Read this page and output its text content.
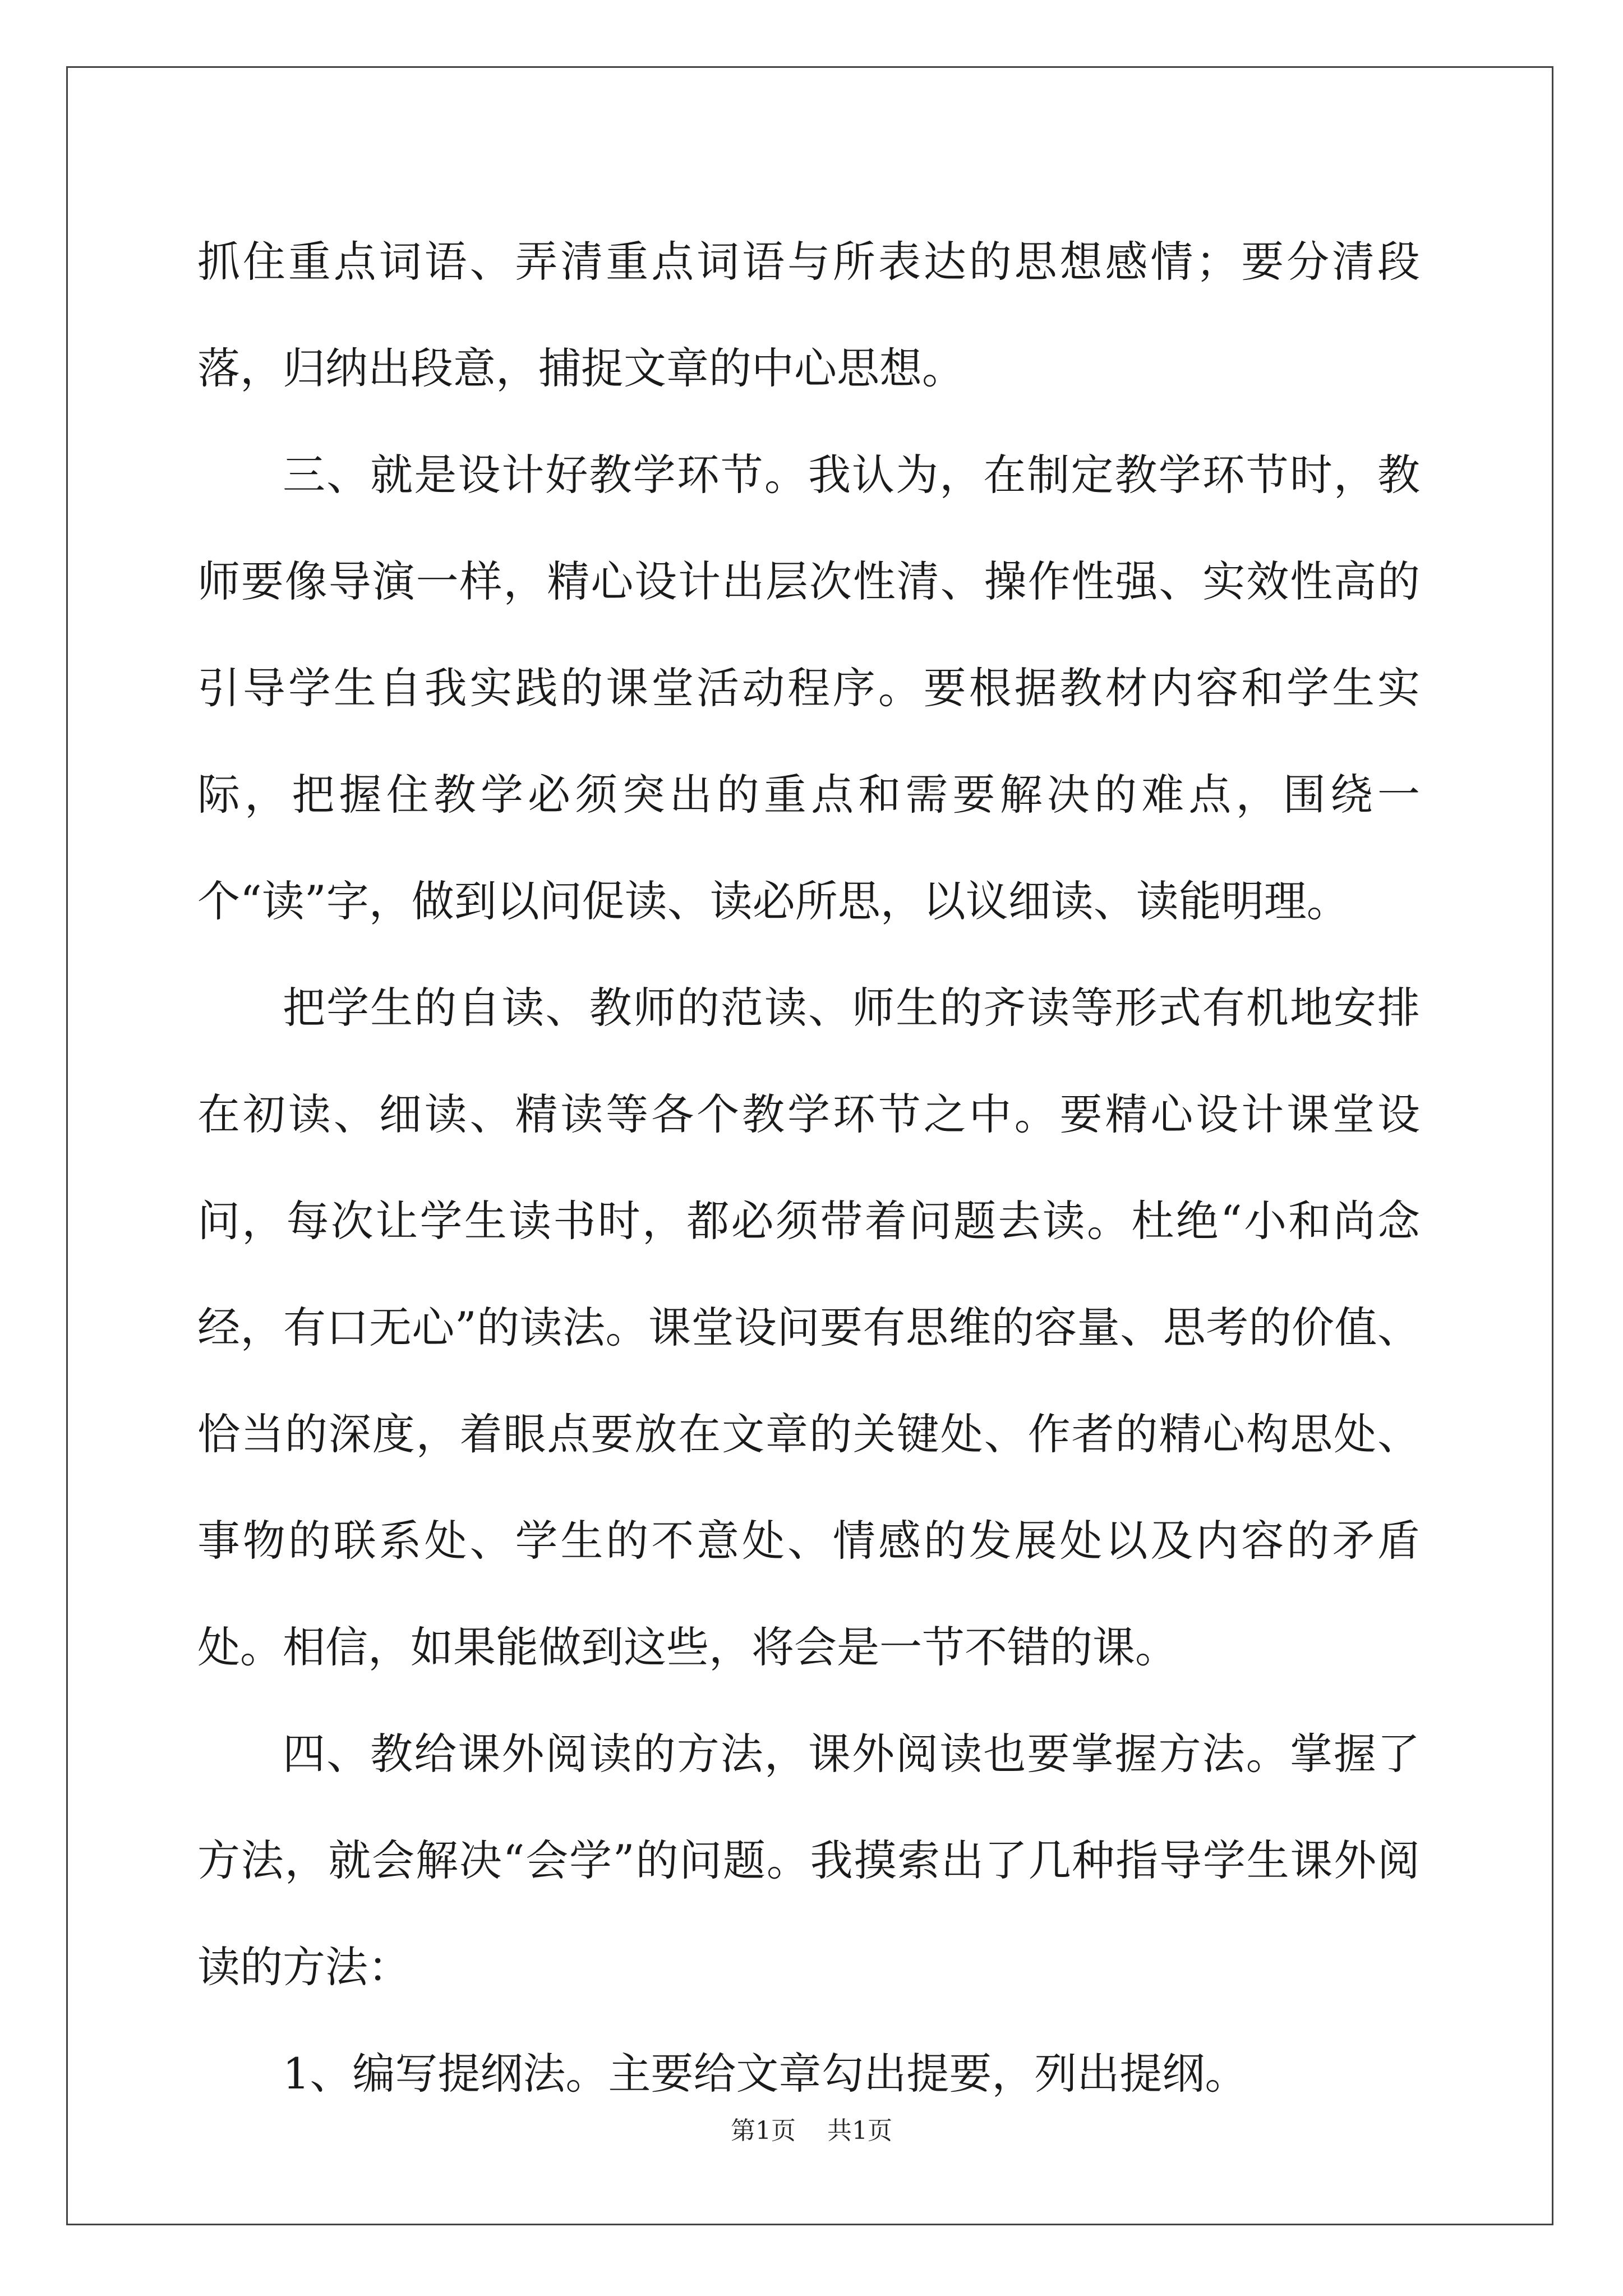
抓住重点词语、弄清重点词语与所表达的思想感情；要分清段落，归纳出段意，捕捉文章的中心思想。

三、就是设计好教学环节。我认为，在制定教学环节时，教师要像导演一样，精心设计出层次性清、操作性强、实效性高的引导学生自我实践的课堂活动程序。要根据教材内容和学生实际，把握住教学必须突出的重点和需要解决的难点，围绕一个“读”字，做到以问促读、读必所思，以议细读、读能明理。

把学生的自读、教师的范读、师生的齐读等形式有机地安排在初读、细读、精读等各个教学环节之中。要精心设计课堂设问，每次让学生读书时，都必须带着问题去读。杜绝“小和尚念经，有口无心”的读法。课堂设问要有思维的容量、思考的价值、恰当的深度，着眼点要放在文章的关键处、作者的精心构思处、事物的联系处、学生的不意处、情感的发展处以及内容的矛盾处。相信，如果能做到这些，将会是一节不错的课。

四、教给课外阅读的方法，课外阅读也要掌握方法。掌握了方法，就会解决“会学”的问题。我摸索出了几种指导学生课外阅读的方法：

1、编写提纲法。主要给文章勾出提要，列出提纲。

第1页 共1页
